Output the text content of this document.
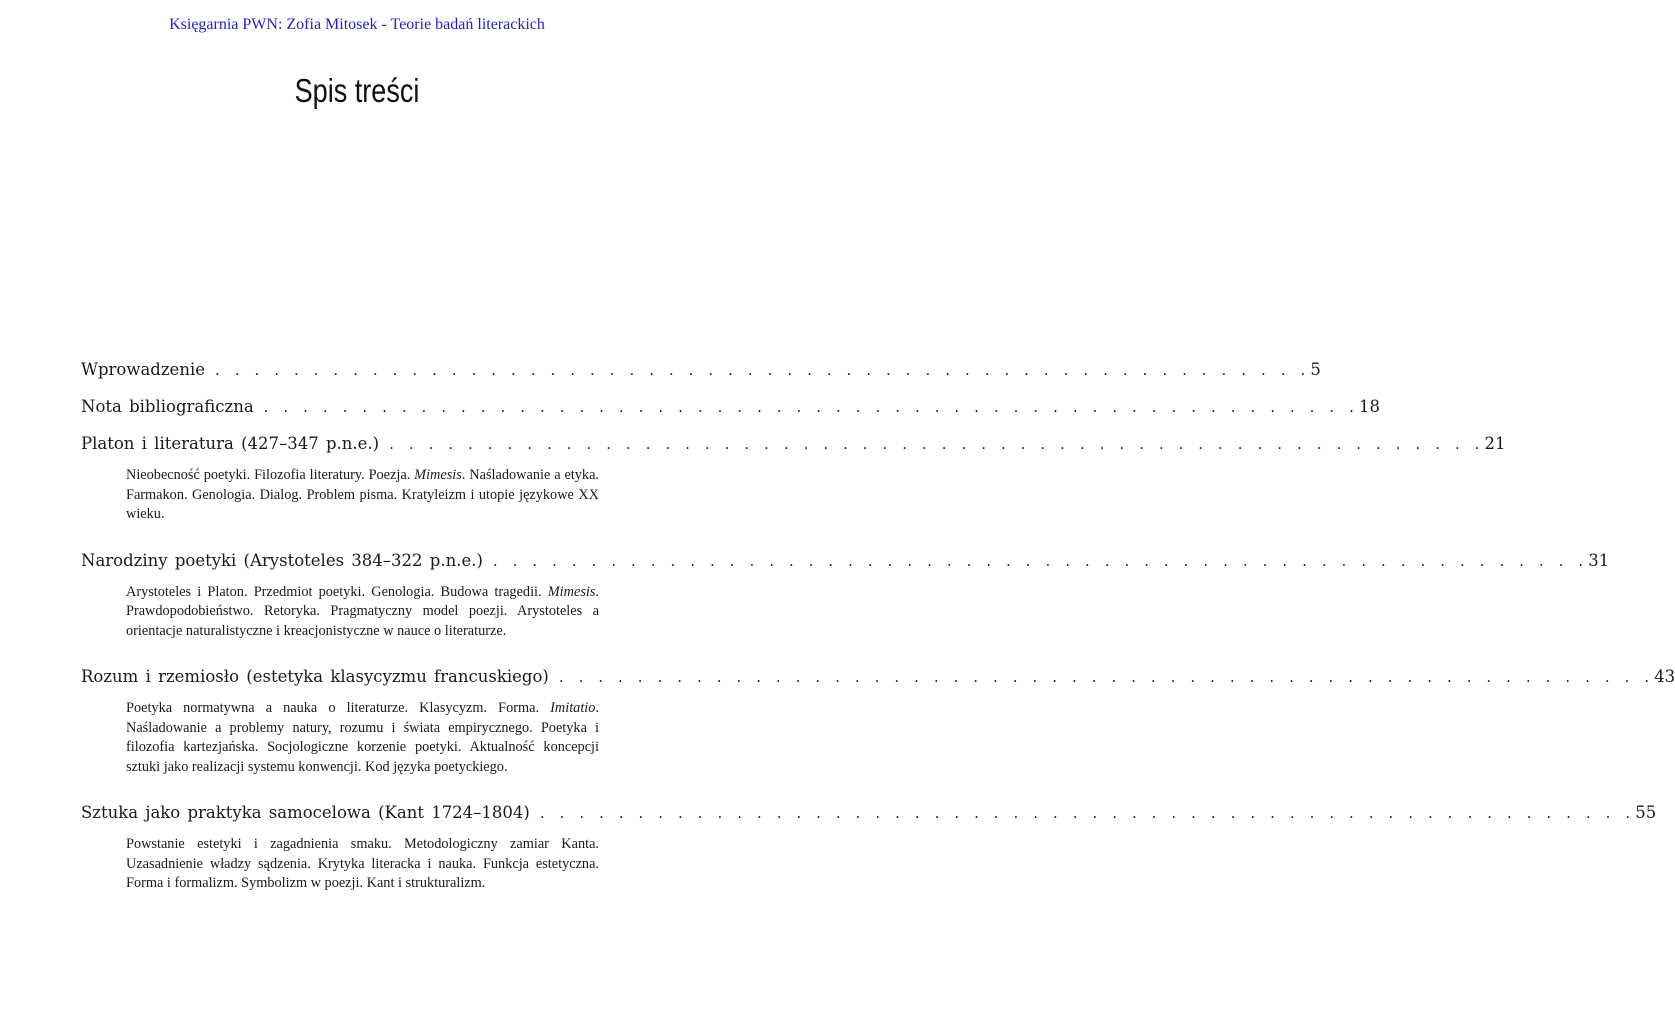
Księgarnia PWN: Zofia Mitosek - Teorie badań literackich
Spis treści
Wprowadzenie . . . . . . . . . . . . . . . . . . . . . . . . . . . . . . . . . . . . . . . . . . . . . . . . . . . . . . . . 5
Nota bibliograficzna . . . . . . . . . . . . . . . . . . . . . . . . . . . . . . . . . . . . . . . . . . . . . . . . . . . . . . . . 18
Platon i literatura (427–347 p.n.e.) . . . . . . . . . . . . . . . . . . . . . . . . . . . . . . . . . . . . . . . . . . . . . . . . . . . . . . . . 21

Nieobecność poetyki. Filozofia literatury. Poezja. Mimesis. Naśladowanie a etyka. Farmakon. Genologia. Dialog. Problem pisma. Kratyleizm i utopie językowe XX wieku.

Narodziny poetyki (Arystoteles 384–322 p.n.e.) . . . . . . . . . . . . . . . . . . . . . . . . . . . . . . . . . . . . . . . . . . . . . . . . . . . . . . . . 31

Arystoteles i Platon. Przedmiot poetyki. Genologia. Budowa tragedii. Mimesis. Prawdopodobieństwo. Retoryka. Pragmatyczny model poezji. Arystoteles a orientacje naturalistyczne i kreacjonistyczne w nauce o literaturze.

Rozum i rzemiosło (estetyka klasycyzmu francuskiego) . . . . . . . . . . . . . . . . . . . . . . . . . . . . . . . . . . . . . . . . . . . . . . . . . . . . . . . . 43

Poetyka normatywna a nauka o literaturze. Klasycyzm. Forma. Imitatio. Naśladowanie a problemy natury, rozumu i świata empirycznego. Poetyka i filozofia kartezjańska. Socjologiczne korzenie poetyki. Aktualność koncepcji sztuki jako realizacji systemu konwencji. Kod języka poetyckiego.

Sztuka jako praktyka samocelowa (Kant 1724–1804) . . . . . . . . . . . . . . . . . . . . . . . . . . . . . . . . . . . . . . . . . . . . . . . . . . . . . . . . 55

Powstanie estetyki i zagadnienia smaku. Metodologiczny zamiar Kanta. Uzasadnienie władzy sądzenia. Krytyka literacka i nauka. Funkcja estetyczna. Forma i formalizm. Symbolizm w poezji. Kant i strukturalizm.
